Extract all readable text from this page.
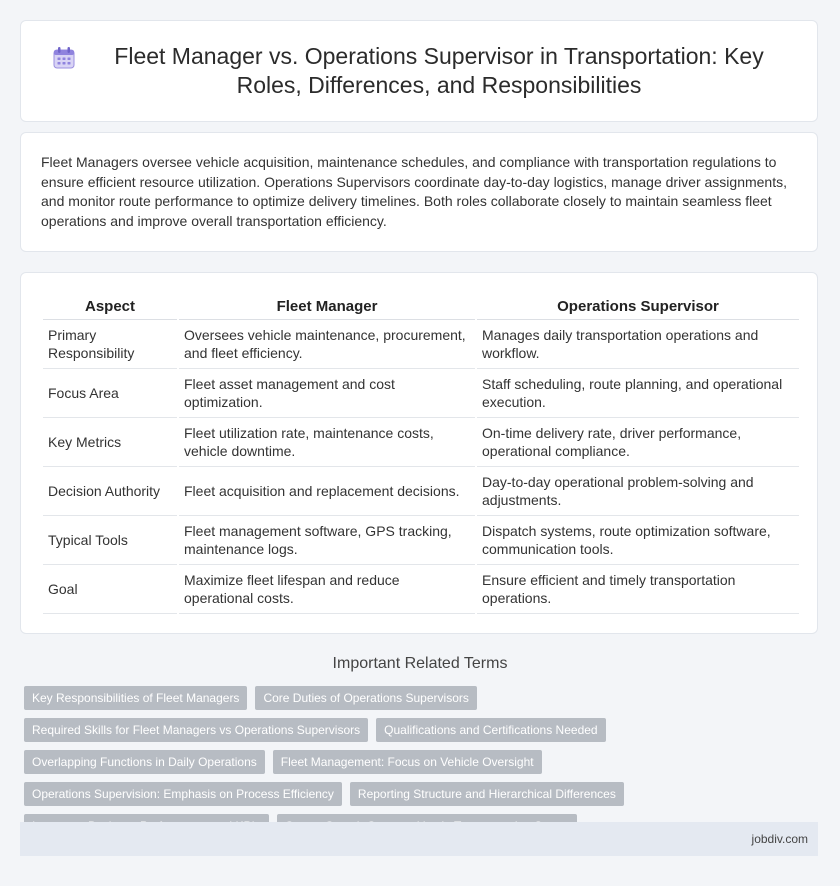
Fleet Manager vs. Operations Supervisor in Transportation: Key Roles, Differences, and Responsibilities

Fleet Managers oversee vehicle acquisition, maintenance schedules, and compliance with transportation regulations to ensure efficient resource utilization. Operations Supervisors coordinate day-to-day logistics, manage driver assignments, and monitor route performance to optimize delivery timelines. Both roles collaborate closely to maintain seamless fleet operations and improve overall transportation efficiency.

Aspect	Fleet Manager	Operations Supervisor
Primary Responsibility	Oversees vehicle maintenance, procurement, and fleet efficiency.	Manages daily transportation operations and workflow.
Focus Area	Fleet asset management and cost optimization.	Staff scheduling, route planning, and operational execution.
Key Metrics	Fleet utilization rate, maintenance costs, vehicle downtime.	On-time delivery rate, driver performance, operational compliance.
Decision Authority	Fleet acquisition and replacement decisions.	Day-to-day operational problem-solving and adjustments.
Typical Tools	Fleet management software, GPS tracking, maintenance logs.	Dispatch systems, route optimization software, communication tools.
Goal	Maximize fleet lifespan and reduce operational costs.	Ensure efficient and timely transportation operations.
Important Related Terms
Key Responsibilities of Fleet Managers	Core Duties of Operations Supervisors
Required Skills for Fleet Managers vs Operations Supervisors	Qualifications and Certifications Needed
Overlapping Functions in Daily Operations	Fleet Management: Focus on Vehicle Oversight
Operations Supervision: Emphasis on Process Efficiency	Reporting Structure and Hierarchical Differences
jobdiv.com
